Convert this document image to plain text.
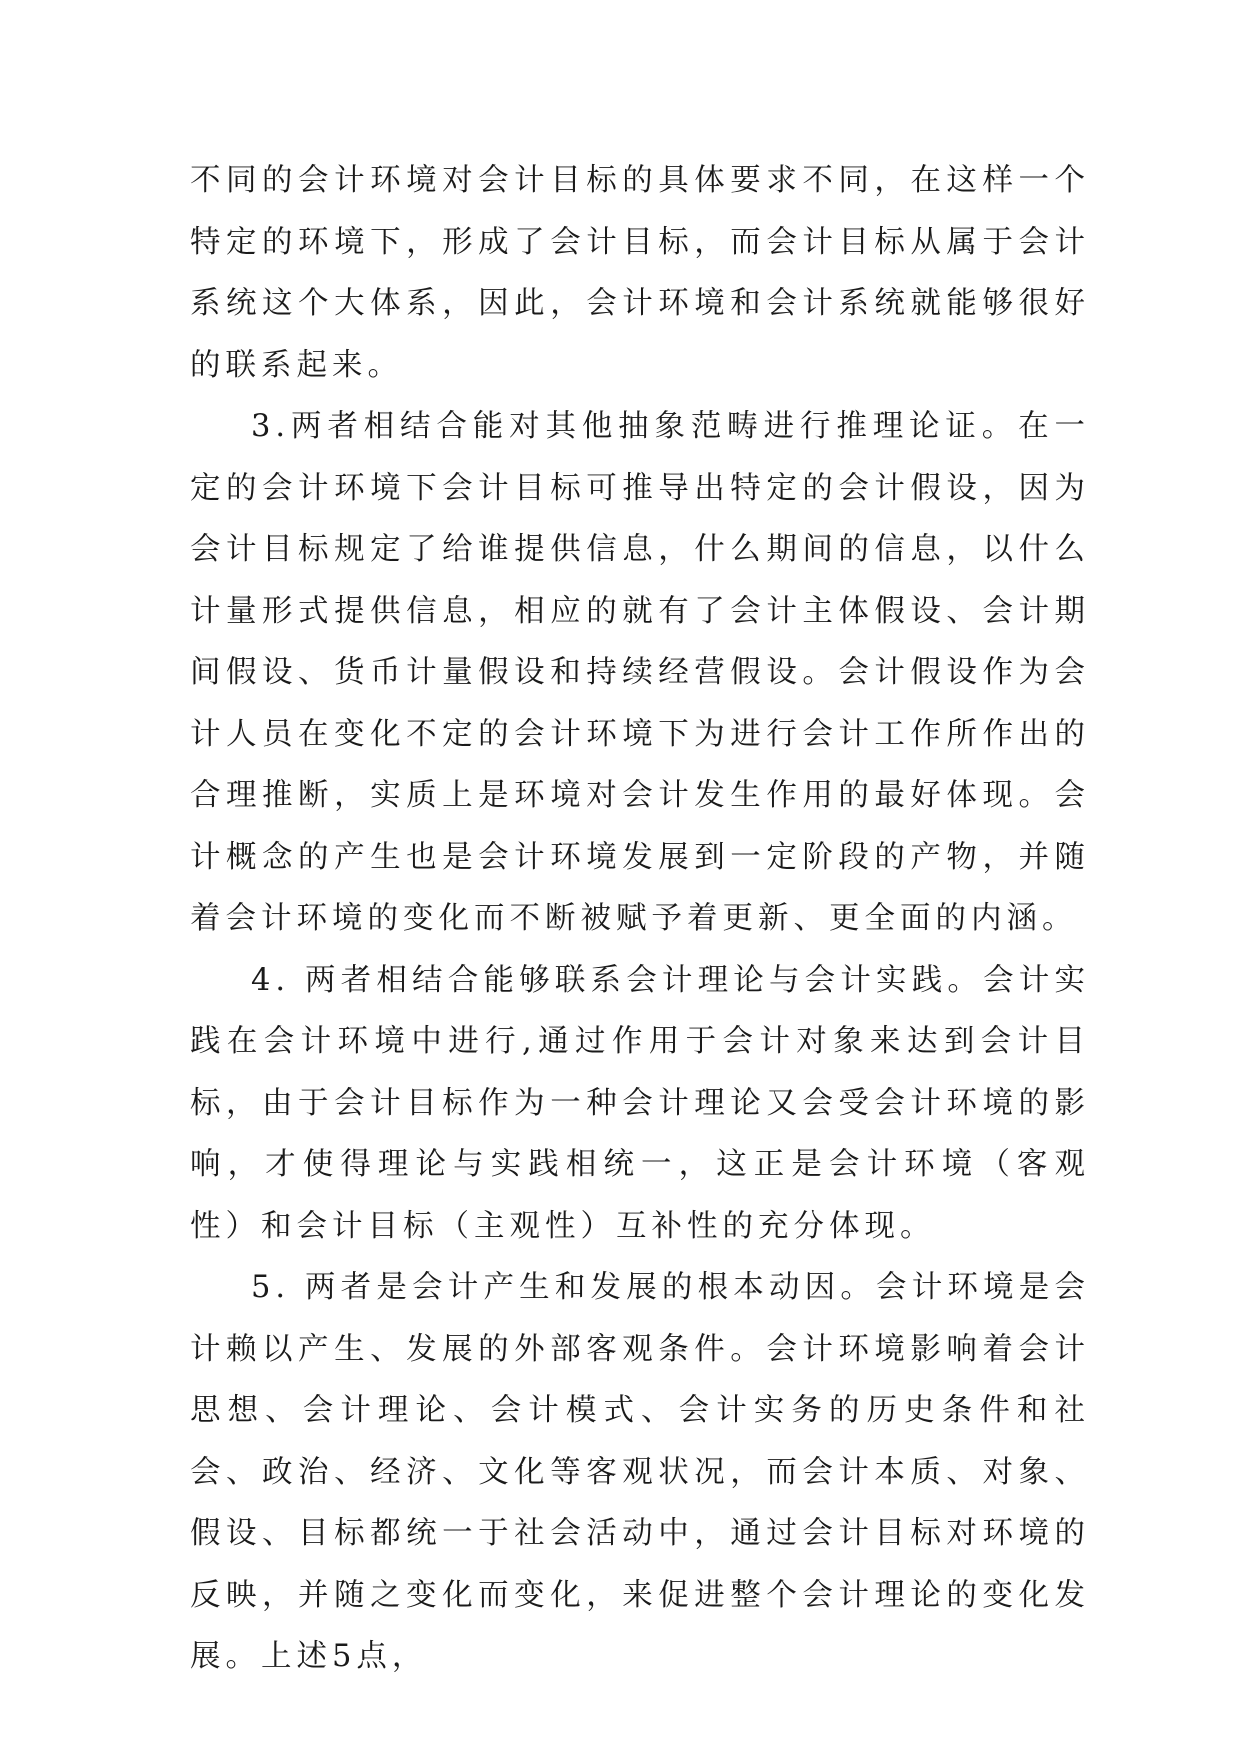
不同的会计环境对会计目标的具体要求不同，在这样一个特定的环境下，形成了会计目标，而会计目标从属于会计系统这个大体系，因此，会计环境和会计系统就能够很好的联系起来。

3.两者相结合能对其他抽象范畴进行推理论证。在一定的会计环境下会计目标可推导出特定的会计假设，因为会计目标规定了给谁提供信息，什么期间的信息，以什么计量形式提供信息，相应的就有了会计主体假设、会计期间假设、货币计量假设和持续经营假设。会计假设作为会计人员在变化不定的会计环境下为进行会计工作所作出的合理推断，实质上是环境对会计发生作用的最好体现。会计概念的产生也是会计环境发展到一定阶段的产物，并随着会计环境的变化而不断被赋予着更新、更全面的内涵。

4. 两者相结合能够联系会计理论与会计实践。会计实践在会计环境中进行,通过作用于会计对象来达到会计目标，由于会计目标作为一种会计理论又会受会计环境的影响，才使得理论与实践相统一，这正是会计环境（客观性）和会计目标（主观性）互补性的充分体现。

5. 两者是会计产生和发展的根本动因。会计环境是会计赖以产生、发展的外部客观条件。会计环境影响着会计思想、会计理论、会计模式、会计实务的历史条件和社会、政治、经济、文化等客观状况，而会计本质、对象、假设、目标都统一于社会活动中，通过会计目标对环境的反映，并随之变化而变化，来促进整个会计理论的变化发展。上述5点，
